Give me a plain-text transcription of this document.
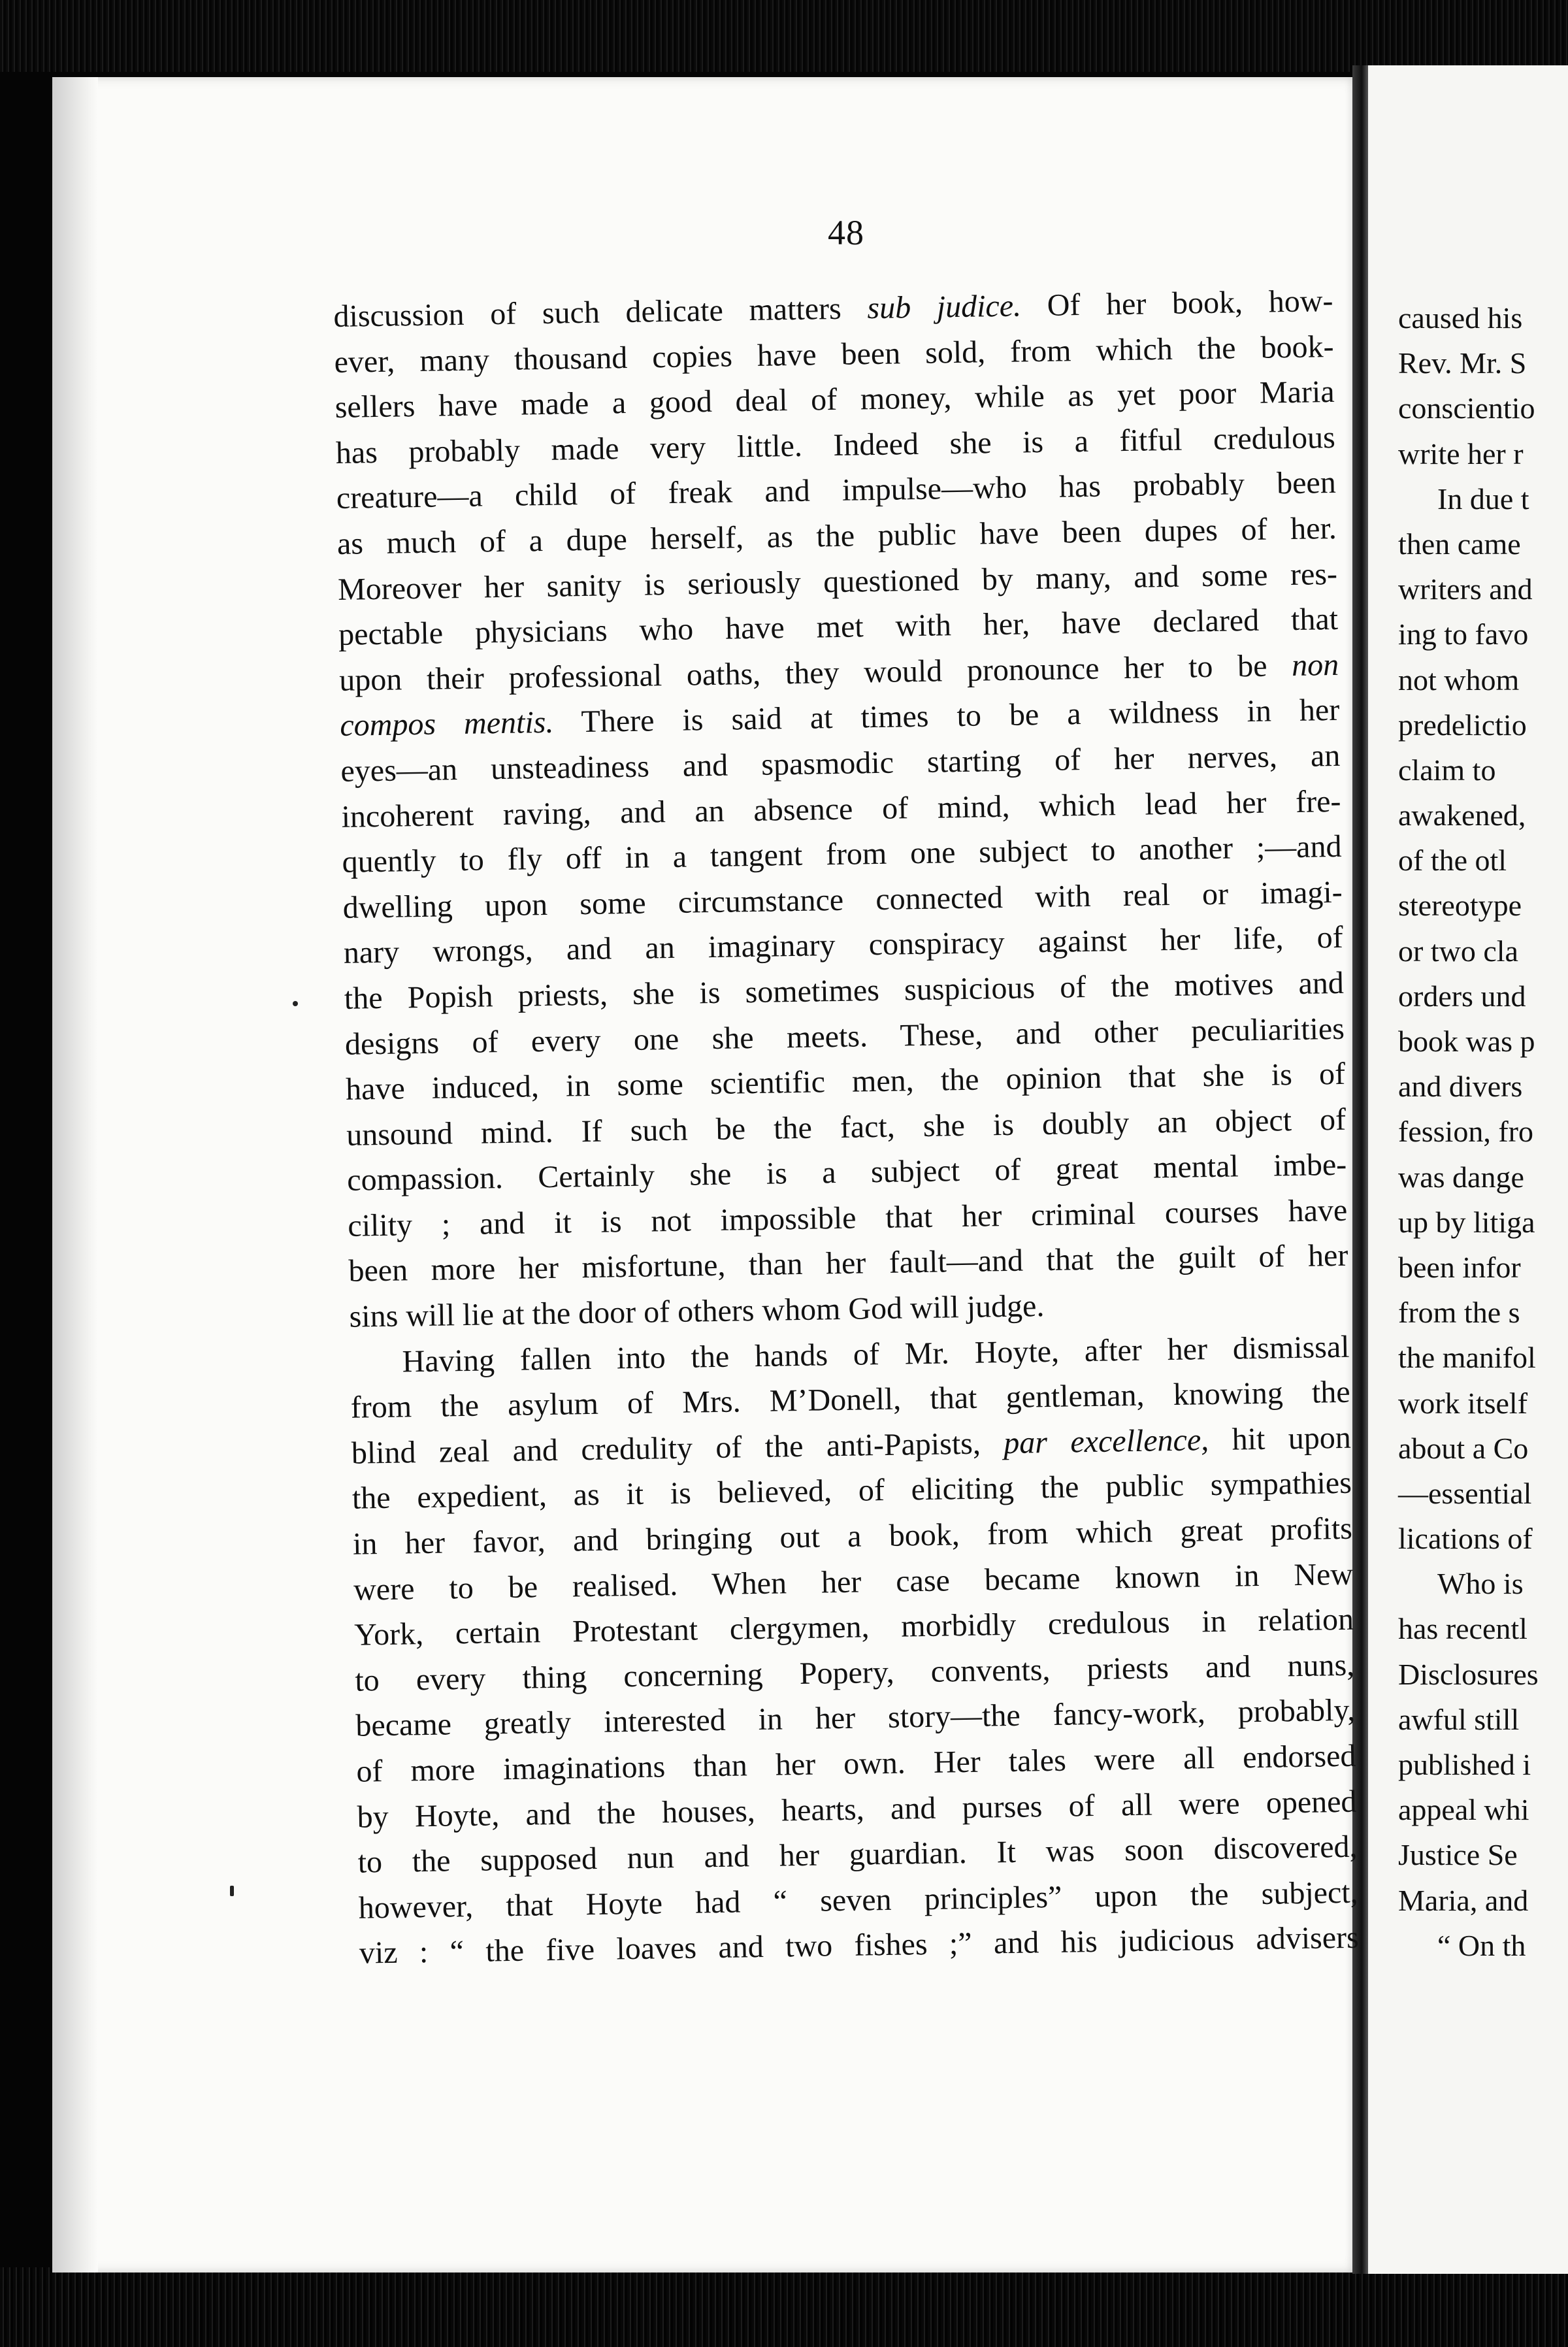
caused his
Rev. Mr. S
conscientio
write her r
In due t
then came
writers and
ing to favo
not whom
predelictio
claim to
awakened,
of the otl
stereotype
or two cla
orders und
book was p
and divers
fession, fro
was dange
up by litiga
been infor
from the s
the manifol
work itself
about a Co
—essential
lications of
Who is
has recentl
Disclosures
awful still
published i
appeal whi
Justice Se
Maria, and
“ On th
48
discussion of such delicate matters sub judice. Of her book, how-
ever, many thousand copies have been sold, from which the book-
sellers have made a good deal of money, while as yet poor Maria
has probably made very little. Indeed she is a fitful credulous
creature—a child of freak and impulse—who has probably been
as much of a dupe herself, as the public have been dupes of her.
Moreover her sanity is seriously questioned by many, and some res-
pectable physicians who have met with her, have declared that
upon their professional oaths, they would pronounce her to be non
compos mentis. There is said at times to be a wildness in her
eyes—an unsteadiness and spasmodic starting of her nerves, an
incoherent raving, and an absence of mind, which lead her fre-
quently to fly off in a tangent from one subject to another ;—and
dwelling upon some circumstance connected with real or imagi-
nary wrongs, and an imaginary conspiracy against her life, of
the Popish priests, she is sometimes suspicious of the motives and
designs of every one she meets. These, and other peculiarities
have induced, in some scientific men, the opinion that she is of
unsound mind. If such be the fact, she is doubly an object of
compassion. Certainly she is a subject of great mental imbe-
cility ; and it is not impossible that her criminal courses have
been more her misfortune, than her fault—and that the guilt of her
sins will lie at the door of others whom God will judge.
Having fallen into the hands of Mr. Hoyte, after her dismissal
from the asylum of Mrs. M’Donell, that gentleman, knowing the
blind zeal and credulity of the anti-Papists, par excellence, hit upon
the expedient, as it is believed, of eliciting the public sympathies
in her favor, and bringing out a book, from which great profits
were to be realised. When her case became known in New
York, certain Protestant clergymen, morbidly credulous in relation
to every thing concerning Popery, convents, priests and nuns,
became greatly interested in her story—the fancy-work, probably,
of more imaginations than her own. Her tales were all endorsed
by Hoyte, and the houses, hearts, and purses of all were opened
to the supposed nun and her guardian. It was soon discovered,
however, that Hoyte had “ seven principles” upon the subject,
viz : “ the five loaves and two fishes ;” and his judicious advisers
